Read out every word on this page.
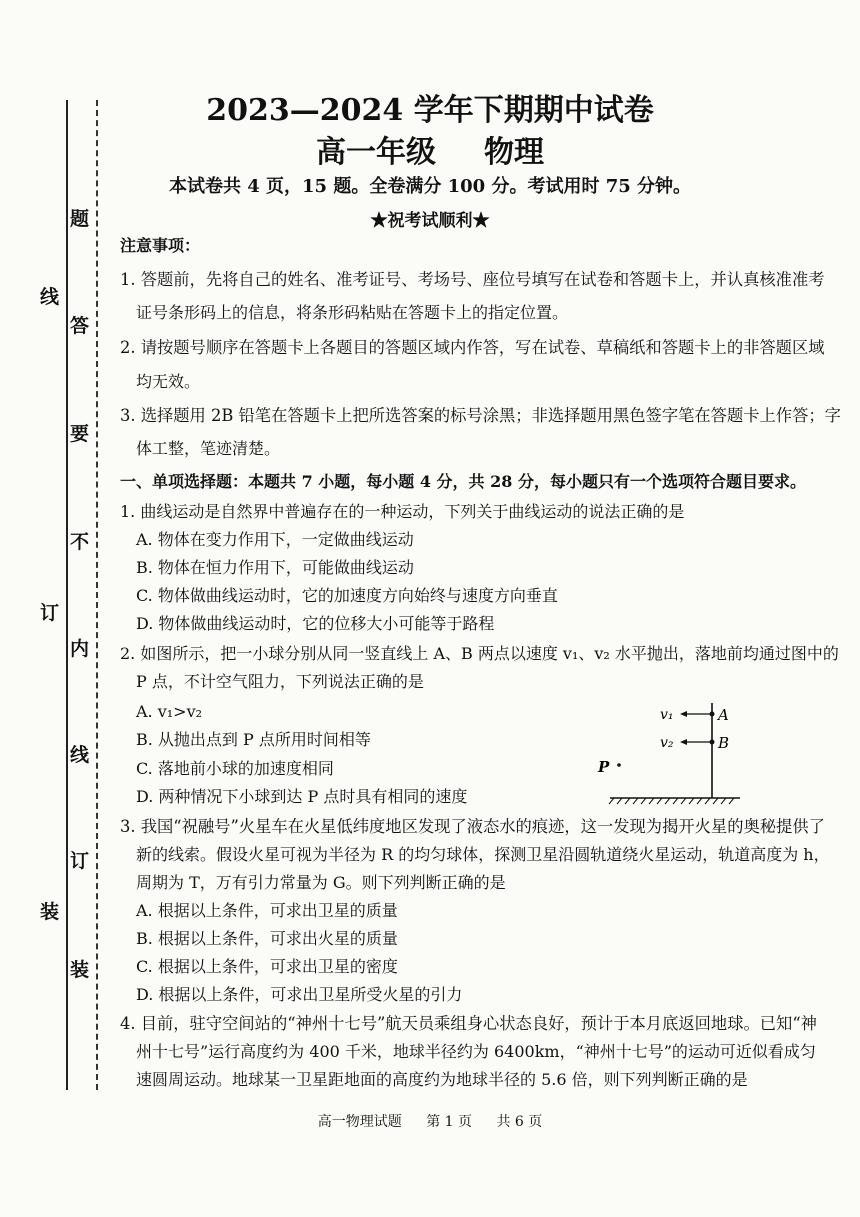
线
订
装
题
答
要
不
内
线
订
装
2023—2024 学年下期期中试卷
高一年级 物理
本试卷共 4 页，15 题。全卷满分 100 分。考试用时 75 分钟。
★祝考试顺利★
注意事项：
1. 答题前，先将自己的姓名、准考证号、考场号、座位号填写在试卷和答题卡上，并认真核准准考
证号条形码上的信息，将条形码粘贴在答题卡上的指定位置。
2. 请按题号顺序在答题卡上各题目的答题区域内作答，写在试卷、草稿纸和答题卡上的非答题区域
均无效。
3. 选择题用 2B 铅笔在答题卡上把所选答案的标号涂黑；非选择题用黑色签字笔在答题卡上作答；字
体工整，笔迹清楚。
一、单项选择题：本题共 7 小题，每小题 4 分，共 28 分，每小题只有一个选项符合题目要求。
1. 曲线运动是自然界中普遍存在的一种运动，下列关于曲线运动的说法正确的是
A. 物体在变力作用下，一定做曲线运动
B. 物体在恒力作用下，可能做曲线运动
C. 物体做曲线运动时，它的加速度方向始终与速度方向垂直
D. 物体做曲线运动时，它的位移大小可能等于路程
2. 如图所示，把一小球分别从同一竖直线上 A、B 两点以速度 v₁、v₂ 水平抛出，落地前均通过图中的
P 点，不计空气阻力，下列说法正确的是
A. v₁>v₂
B. 从抛出点到 P 点所用时间相等
C. 落地前小球的加速度相同
D. 两种情况下小球到达 P 点时具有相同的速度
v₁
v₂
A
B
P
3. 我国“祝融号”火星车在火星低纬度地区发现了液态水的痕迹，这一发现为揭开火星的奥秘提供了
新的线索。假设火星可视为半径为 R 的均匀球体，探测卫星沿圆轨道绕火星运动，轨道高度为 h，
周期为 T，万有引力常量为 G。则下列判断正确的是
A. 根据以上条件，可求出卫星的质量
B. 根据以上条件，可求出火星的质量
C. 根据以上条件，可求出卫星的密度
D. 根据以上条件，可求出卫星所受火星的引力
4. 目前，驻守空间站的“神州十七号”航天员乘组身心状态良好，预计于本月底返回地球。已知“神
州十七号”运行高度约为 400 千米，地球半径约为 6400km，“神州十七号”的运动可近似看成匀
速圆周运动。地球某一卫星距地面的高度约为地球半径的 5.6 倍，则下列判断正确的是
高一物理试题 第 1 页 共 6 页
